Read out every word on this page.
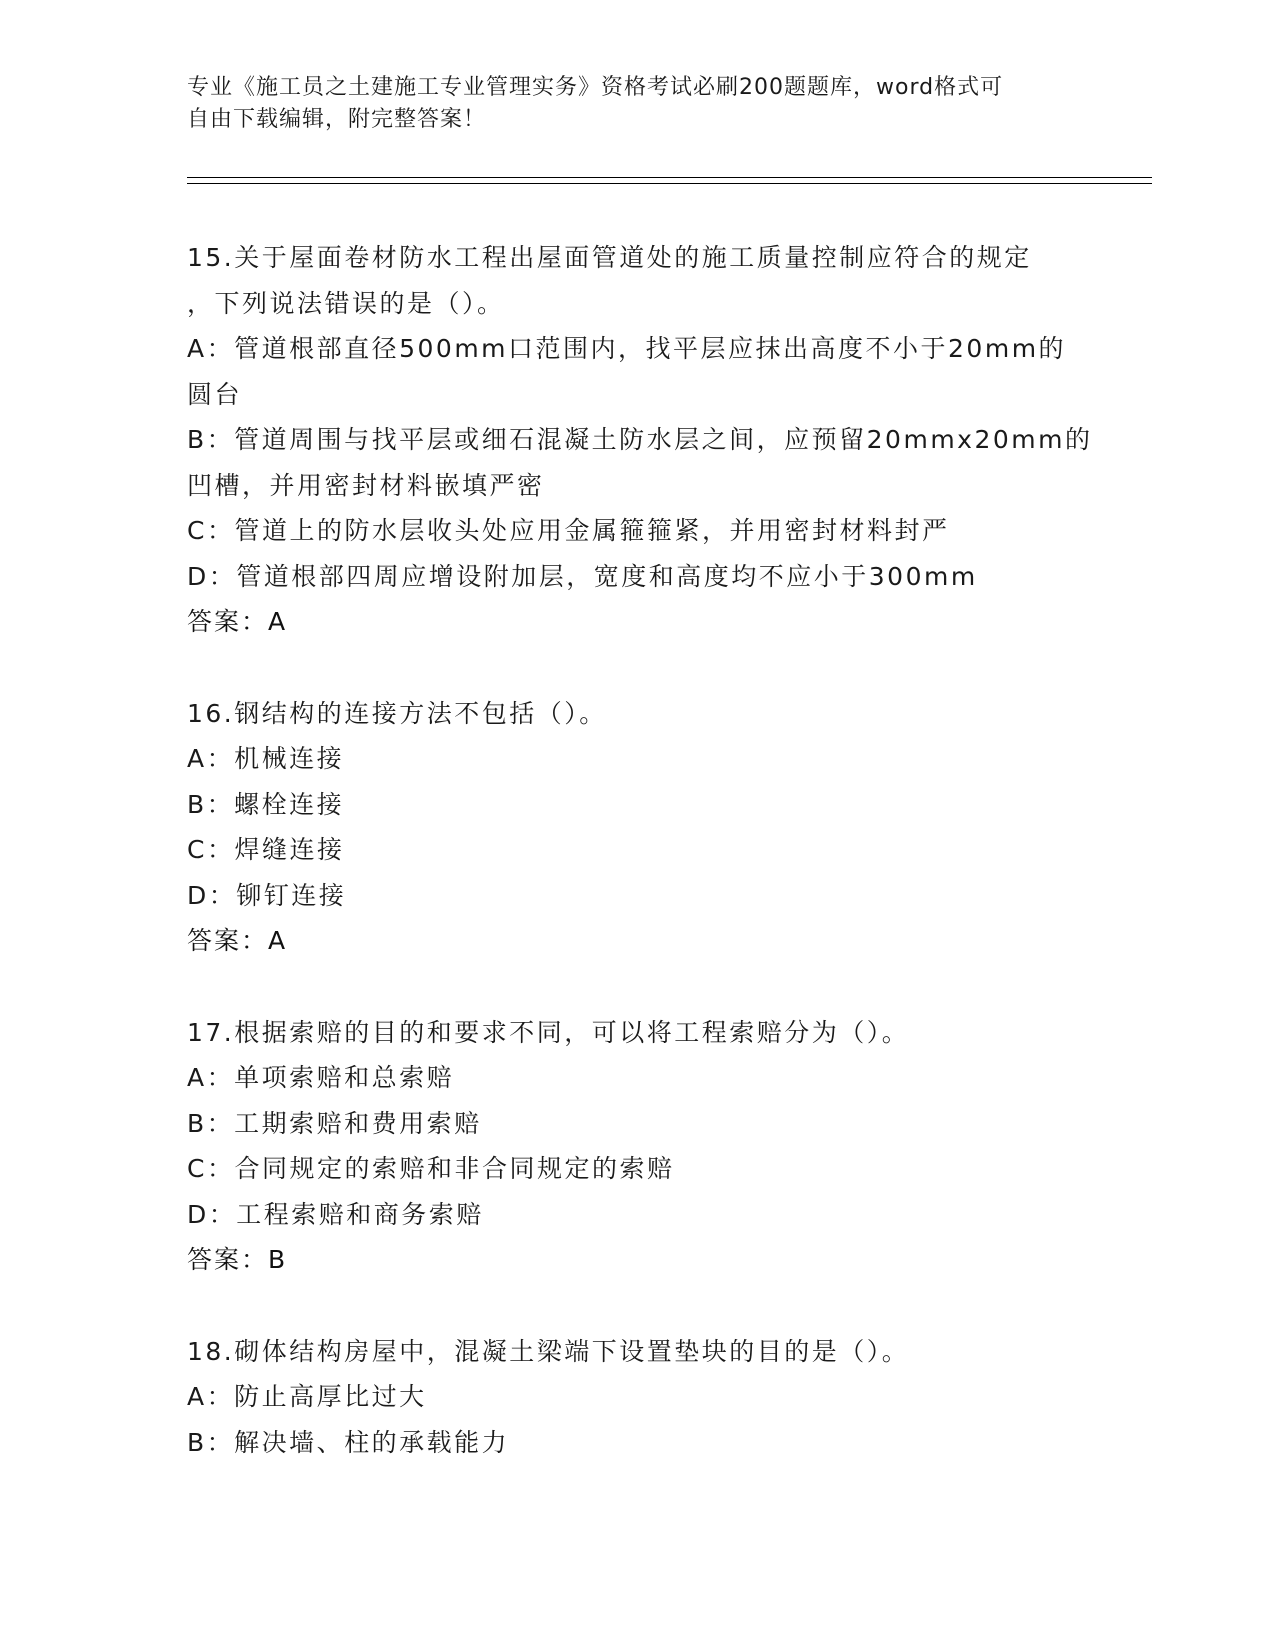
专业《施工员之土建施工专业管理实务》资格考试必刷200题题库，word格式可
自由下载编辑，附完整答案！
15.关于屋面卷材防水工程出屋面管道处的施工质量控制应符合的规定
，下列说法错误的是（）。
A：管道根部直径500mm口范围内，找平层应抹出高度不小于20mm的
圆台
B：管道周围与找平层或细石混凝土防水层之间，应预留20mmx20mm的
凹槽，并用密封材料嵌填严密
C：管道上的防水层收头处应用金属箍箍紧，并用密封材料封严
D：管道根部四周应增设附加层，宽度和高度均不应小于300mm
答案：A
16.钢结构的连接方法不包括（）。
A：机械连接
B：螺栓连接
C：焊缝连接
D：铆钉连接
答案：A
17.根据索赔的目的和要求不同，可以将工程索赔分为（）。
A：单项索赔和总索赔
B：工期索赔和费用索赔
C：合同规定的索赔和非合同规定的索赔
D：工程索赔和商务索赔
答案：B
18.砌体结构房屋中，混凝土梁端下设置垫块的目的是（）。
A：防止高厚比过大
B：解决墙、柱的承载能力
